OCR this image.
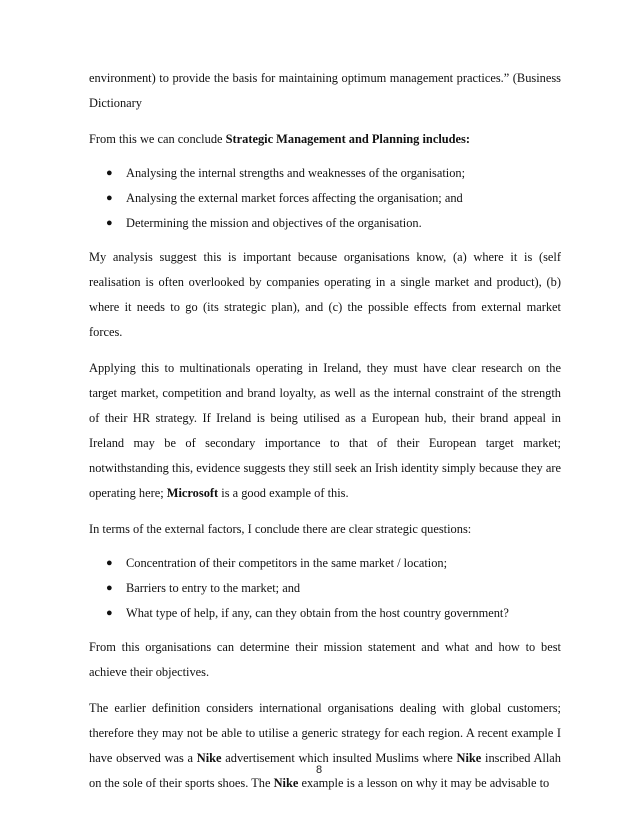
environment) to provide the basis for maintaining optimum management practices.” (Business Dictionary

From this we can conclude Strategic Management and Planning includes:

● Analysing the internal strengths and weaknesses of the organisation;
● Analysing the external market forces affecting the organisation; and
● Determining the mission and objectives of the organisation.

My analysis suggest this is important because organisations know, (a) where it is (self realisation is often overlooked by companies operating in a single market and product), (b) where it needs to go (its strategic plan), and (c) the possible effects from external market forces.

Applying this to multinationals operating in Ireland, they must have clear research on the target market, competition and brand loyalty, as well as the internal constraint of the strength of their HR strategy. If Ireland is being utilised as a European hub, their brand appeal in Ireland may be of secondary importance to that of their European target market; notwithstanding this, evidence suggests they still seek an Irish identity simply because they are operating here; Microsoft is a good example of this.

In terms of the external factors, I conclude there are clear strategic questions:

● Concentration of their competitors in the same market / location;
● Barriers to entry to the market; and
● What type of help, if any, can they obtain from the host country government?

From this organisations can determine their mission statement and what and how to best achieve their objectives.

The earlier definition considers international organisations dealing with global customers; therefore they may not be able to utilise a generic strategy for each region. A recent example I have observed was a Nike advertisement which insulted Muslims where Nike inscribed Allah on the sole of their sports shoes. The Nike example is a lesson on why it may be advisable to

8
